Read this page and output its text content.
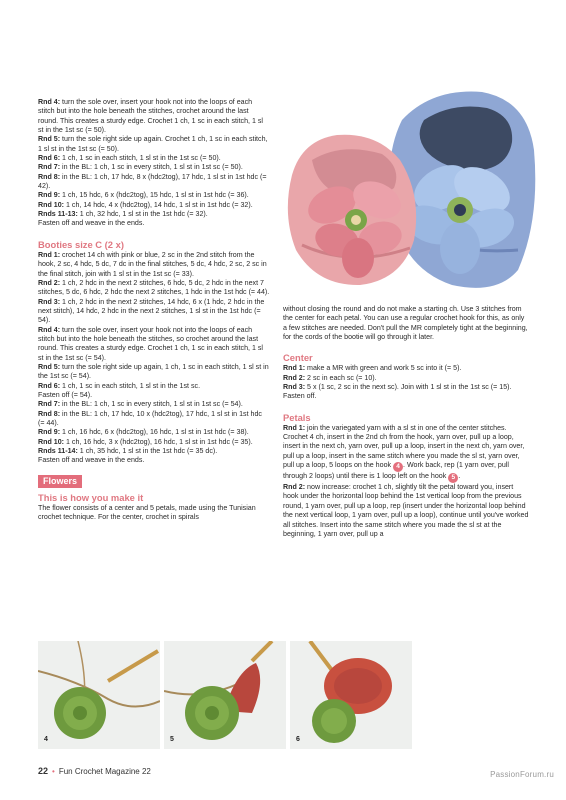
Rnd 4: turn the sole over, insert your hook not into the loops of each stitch but into the hole beneath the stitches, crochet around the last round. This creates a sturdy edge. Crochet 1 ch, 1 sc in each stitch, 1 sl st in the 1st sc (= 50).

Rnd 5: turn the sole right side up again. Crochet 1 ch, 1 sc in each stitch, 1 sl st in the 1st sc (= 50).

Rnd 6: 1 ch, 1 sc in each stitch, 1 sl st in the 1st sc (= 50).

Rnd 7: in the BL: 1 ch, 1 sc in every stitch, 1 sl st in 1st sc (= 50).

Rnd 8: in the BL: 1 ch, 17 hdc, 8 x (hdc2tog), 17 hdc, 1 sl st in 1st hdc (= 42).

Rnd 9: 1 ch, 15 hdc, 6 x (hdc2tog), 15 hdc, 1 sl st in 1st hdc (= 36).

Rnd 10: 1 ch, 14 hdc, 4 x (hdc2tog), 14 hdc, 1 sl st in 1st hdc (= 32).

Rnds 11-13: 1 ch, 32 hdc, 1 sl st in the 1st hdc (= 32).

Fasten off and weave in the ends.

Booties size C (2 x)

Rnd 1: crochet 14 ch with pink or blue, 2 sc in the 2nd stitch from the hook, 2 sc, 4 hdc, 5 dc, 7 dc in the final stitches, 5 dc, 4 hdc, 2 sc, 2 sc in the final stitch, join with 1 sl st in the 1st sc (= 33).

Rnd 2: 1 ch, 2 hdc in the next 2 stitches, 6 hdc, 5 dc, 2 hdc in the next 7 stitches, 5 dc, 6 hdc, 2 hdc the next 2 stitches, 1 hdc in the 1st hdc (= 44).

Rnd 3: 1 ch, 2 hdc in the next 2 stitches, 14 hdc, 6 x (1 hdc, 2 hdc in the next stitch), 14 hdc, 2 hdc in the next 2 stitches, 1 sl st in the 1st hdc (= 54).

Rnd 4: turn the sole over, insert your hook not into the loops of each stitch but into the hole beneath the stitches, so crochet around the last round. This creates a sturdy edge. Crochet 1 ch, 1 sc in each stitch, 1 sl st in the 1st sc (= 54).

Rnd 5: turn the sole right side up again, 1 ch, 1 sc in each stitch, 1 sl st in the 1st sc (= 54).

Rnd 6: 1 ch, 1 sc in each stitch, 1 sl st in the 1st sc.

Fasten off (= 54).

Rnd 7: in the BL: 1 ch, 1 sc in every stitch, 1 sl st in 1st sc (= 54).

Rnd 8: in the BL: 1 ch, 17 hdc, 10 x (hdc2tog), 17 hdc, 1 sl st in 1st hdc (= 44).

Rnd 9: 1 ch, 16 hdc, 6 x (hdc2tog), 16 hdc, 1 sl st in 1st hdc (= 38).

Rnd 10: 1 ch, 16 hdc, 3 x (hdc2tog), 16 hdc, 1 sl st in 1st hdc (= 35).

Rnds 11-14: 1 ch, 35 hdc, 1 sl st in the 1st hdc (= 35 dc).

Fasten off and weave in the ends.

Flowers

This is how you make it

The flower consists of a center and 5 petals, made using the Tunisian crochet technique. For the center, crochet in spirals

without closing the round and do not make a starting ch. Use 3 stitches from the center for each petal. You can use a regular crochet hook for this, as only a few stitches are needed. Don't pull the MR completely tight at the beginning, for the cords of the bootie will go through it later.

Center

Rnd 1: make a MR with green and work 5 sc into it (= 5).

Rnd 2: 2 sc in each sc (= 10).

Rnd 3: 5 x (1 sc, 2 sc in the next sc). Join with 1 sl st in the 1st sc (= 15). Fasten off.

Petals

Rnd 1: join the variegated yarn with a sl st in one of the center stitches. Crochet 4 ch, insert in the 2nd ch from the hook, yarn over, pull up a loop, insert in the next ch, yarn over, pull up a loop, insert in the next ch, yarn over, pull up a loop, insert in the same stitch where you made the sl st, yarn over, pull up a loop, 5 loops on the hook 4 . Work back, rep (1 yarn over, pull through 2 loops) until there is 1 loop left on the hook 5 .

Rnd 2: now increase: crochet 1 ch, slightly tilt the petal toward you, insert hook under the horizontal loop behind the 1st vertical loop from the previous round, 1 yarn over, pull up a loop, rep (insert under the horizontal loop behind the next vertical loop, 1 yarn over, pull up a loop), continue until you've worked all stitches. Insert into the same stitch where you made the sl st at the beginning, 1 yarn over, pull up a

4	5	6
22 • Fun Crochet Magazine 22	PassionForum.ru
